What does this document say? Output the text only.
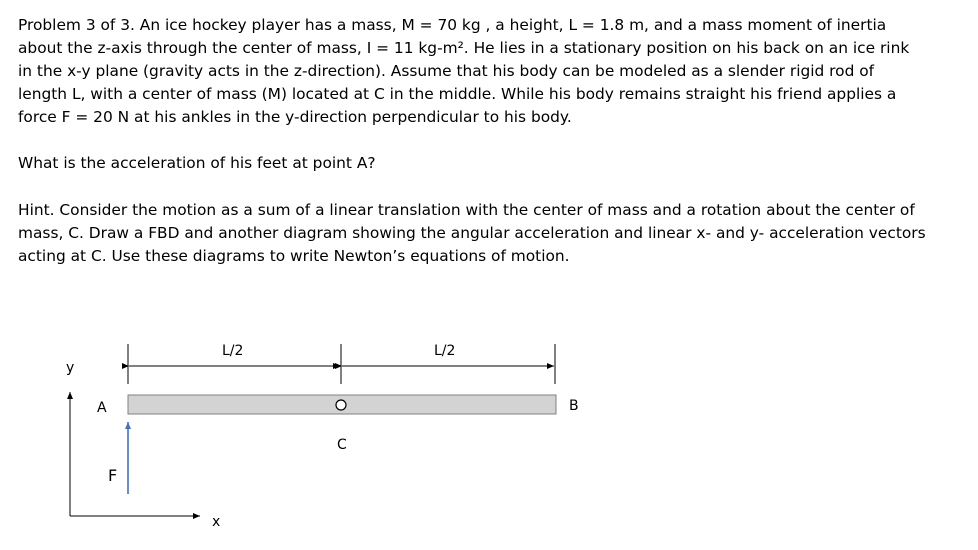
Problem 3 of 3. An ice hockey player has a mass, M = 70 kg , a height, L = 1.8 m, and a mass moment of inertia
about the z-axis through the center of mass, I = 11 kg-m². He lies in a stationary position on his back on an ice rink
in the x-y plane (gravity acts in the z-direction). Assume that his body can be modeled as a slender rigid rod of
length L, with a center of mass (M) located at C in the middle. While his body remains straight his friend applies a
force F = 20 N at his ankles in the y-direction perpendicular to his body.

What is the acceleration of his feet at point A?

Hint. Consider the motion as a sum of a linear translation with the center of mass and a rotation about the center of
mass, C. Draw a FBD and another diagram showing the angular acceleration and linear x- and y- acceleration vectors
acting at C. Use these diagrams to write Newton’s equations of motion.

L/2	L/2
A	B
C
F
y
x
